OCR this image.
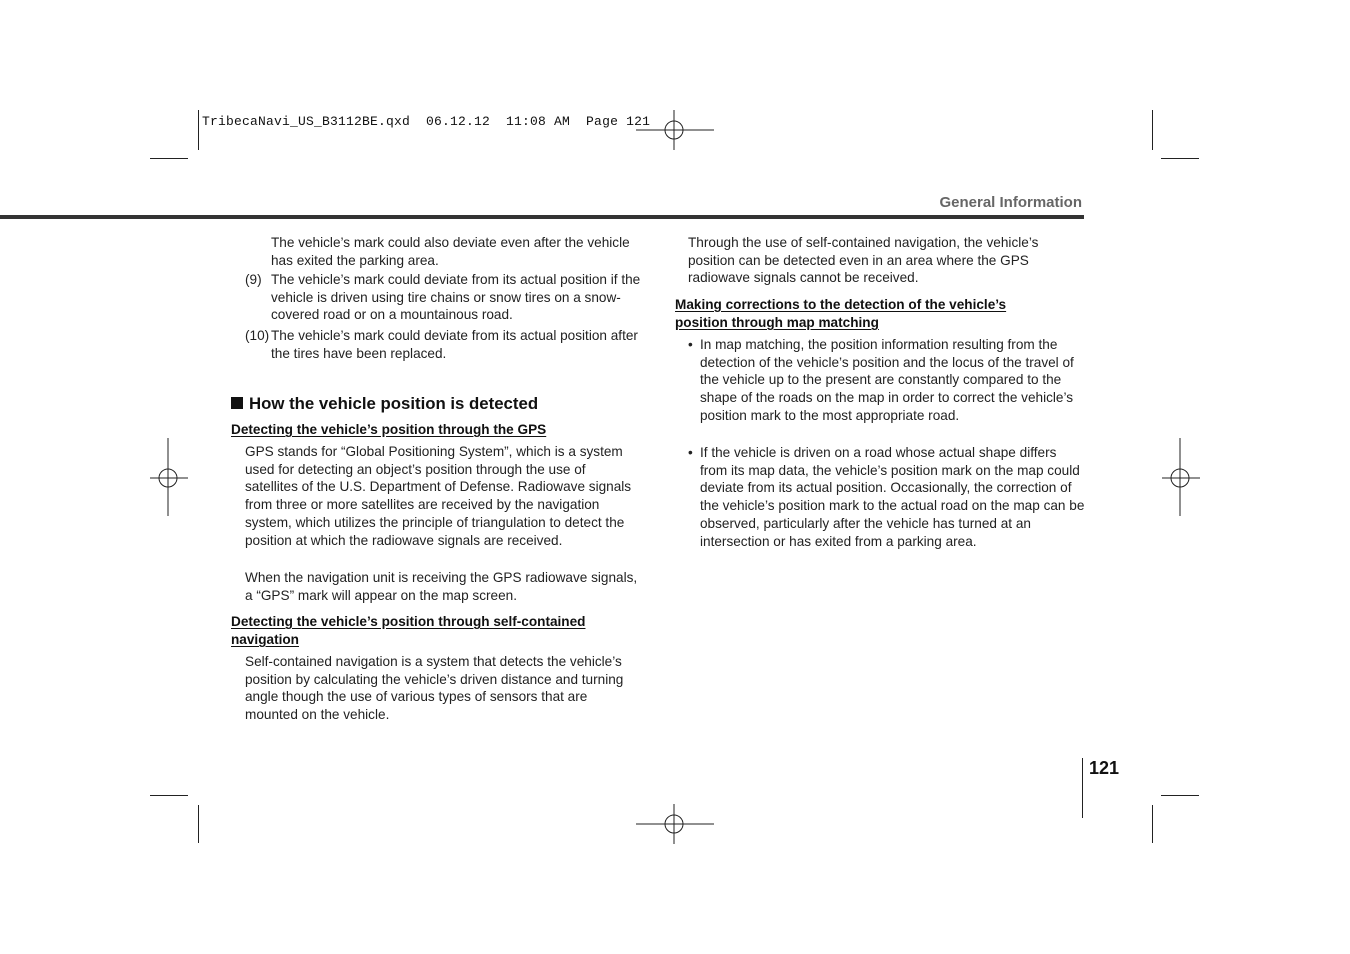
TribecaNavi_US_B3112BE.qxd  06.12.12  11:08 AM  Page 121
General Information
The vehicle’s mark could also deviate even after the vehicle has exited the parking area.
(9) The vehicle’s mark could deviate from its actual position if the vehicle is driven using tire chains or snow tires on a snow-covered road or on a mountainous road.
(10) The vehicle’s mark could deviate from its actual position after the tires have been replaced.
How the vehicle position is detected
Detecting the vehicle’s position through the GPS
GPS stands for “Global Positioning System”, which is a system used for detecting an object’s position through the use of satellites of the U.S. Department of Defense. Radiowave signals from three or more satellites are received by the navigation system, which utilizes the principle of triangulation to detect the position at which the radiowave signals are received.
When the navigation unit is receiving the GPS radiowave signals, a “GPS” mark will appear on the map screen.
Detecting the vehicle’s position through self-contained navigation
Self-contained navigation is a system that detects the vehicle’s position by calculating the vehicle’s driven distance and turning angle though the use of various types of sensors that are mounted on the vehicle.
Through the use of self-contained navigation, the vehicle’s position can be detected even in an area where the GPS radiowave signals cannot be received.
Making corrections to the detection of the vehicle’s position through map matching
• In map matching, the position information resulting from the detection of the vehicle’s position and the locus of the travel of the vehicle up to the present are constantly compared to the shape of the roads on the map in order to correct the vehicle’s position mark to the most appropriate road.
• If the vehicle is driven on a road whose actual shape differs from its map data, the vehicle’s position mark on the map could deviate from its actual position. Occasionally, the correction of the vehicle’s position mark to the actual road on the map can be observed, particularly after the vehicle has turned at an intersection or has exited from a parking area.
121
